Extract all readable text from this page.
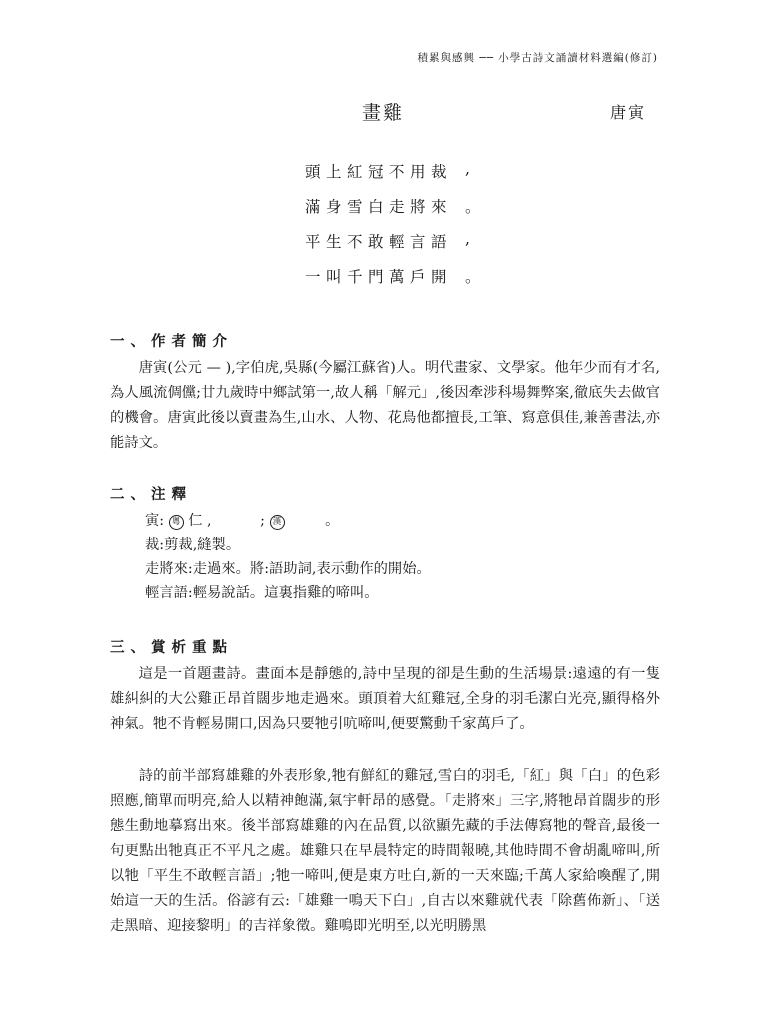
積累與感興 ── 小學古詩文誦讀材料選編(修訂)
畫雞	唐寅
頭上紅冠不用裁 ,
滿身雪白走將來 。
平生不敢輕言語 ,
一叫千門萬戶開 。
一、作者簡介

唐寅(公元 — ),字伯虎,吳縣(今屬江蘇省)人。明代畫家、文學家。他年少而有才名,為人風流倜儻;廿九歲時中鄉試第一,故人稱「解元」,後因牽涉科場舞弊案,徹底失去做官的機會。唐寅此後以賣畫為生,山水、人物、花鳥他都擅長,工筆、寫意俱佳,兼善書法,亦能詩文。

二、注釋
寅: 粵 仁 ,	; 漢	。
裁:剪裁,縫製。
走將來:走過來。將:語助詞,表示動作的開始。
輕言語:輕易說話。這裏指雞的啼叫。
三、賞析重點

這是一首題畫詩。畫面本是靜態的,詩中呈現的卻是生動的生活場景:遠遠的有一隻雄糾糾的大公雞正昂首闊步地走過來。頭頂着大紅雞冠,全身的羽毛潔白光亮,顯得格外神氣。牠不肯輕易開口,因為只要牠引吭啼叫,便要驚動千家萬戶了。

詩的前半部寫雄雞的外表形象,牠有鮮紅的雞冠,雪白的羽毛,「紅」與「白」的色彩照應,簡單而明亮,給人以精神飽滿,氣宇軒昂的感覺。「走將來」三字,將牠昂首闊步的形態生動地摹寫出來。後半部寫雄雞的內在品質,以欲顯先藏的手法傳寫牠的聲音,最後一句更點出牠真正不平凡之處。雄雞只在早晨特定的時間報曉,其他時間不會胡亂啼叫,所以牠「平生不敢輕言語」;牠一啼叫,便是東方吐白,新的一天來臨;千萬人家給喚醒了,開始這一天的生活。俗諺有云:「雄雞一鳴天下白」,自古以來雞就代表「除舊佈新」、「送走黑暗、迎接黎明」的吉祥象徵。雞鳴即光明至,以光明勝黑
